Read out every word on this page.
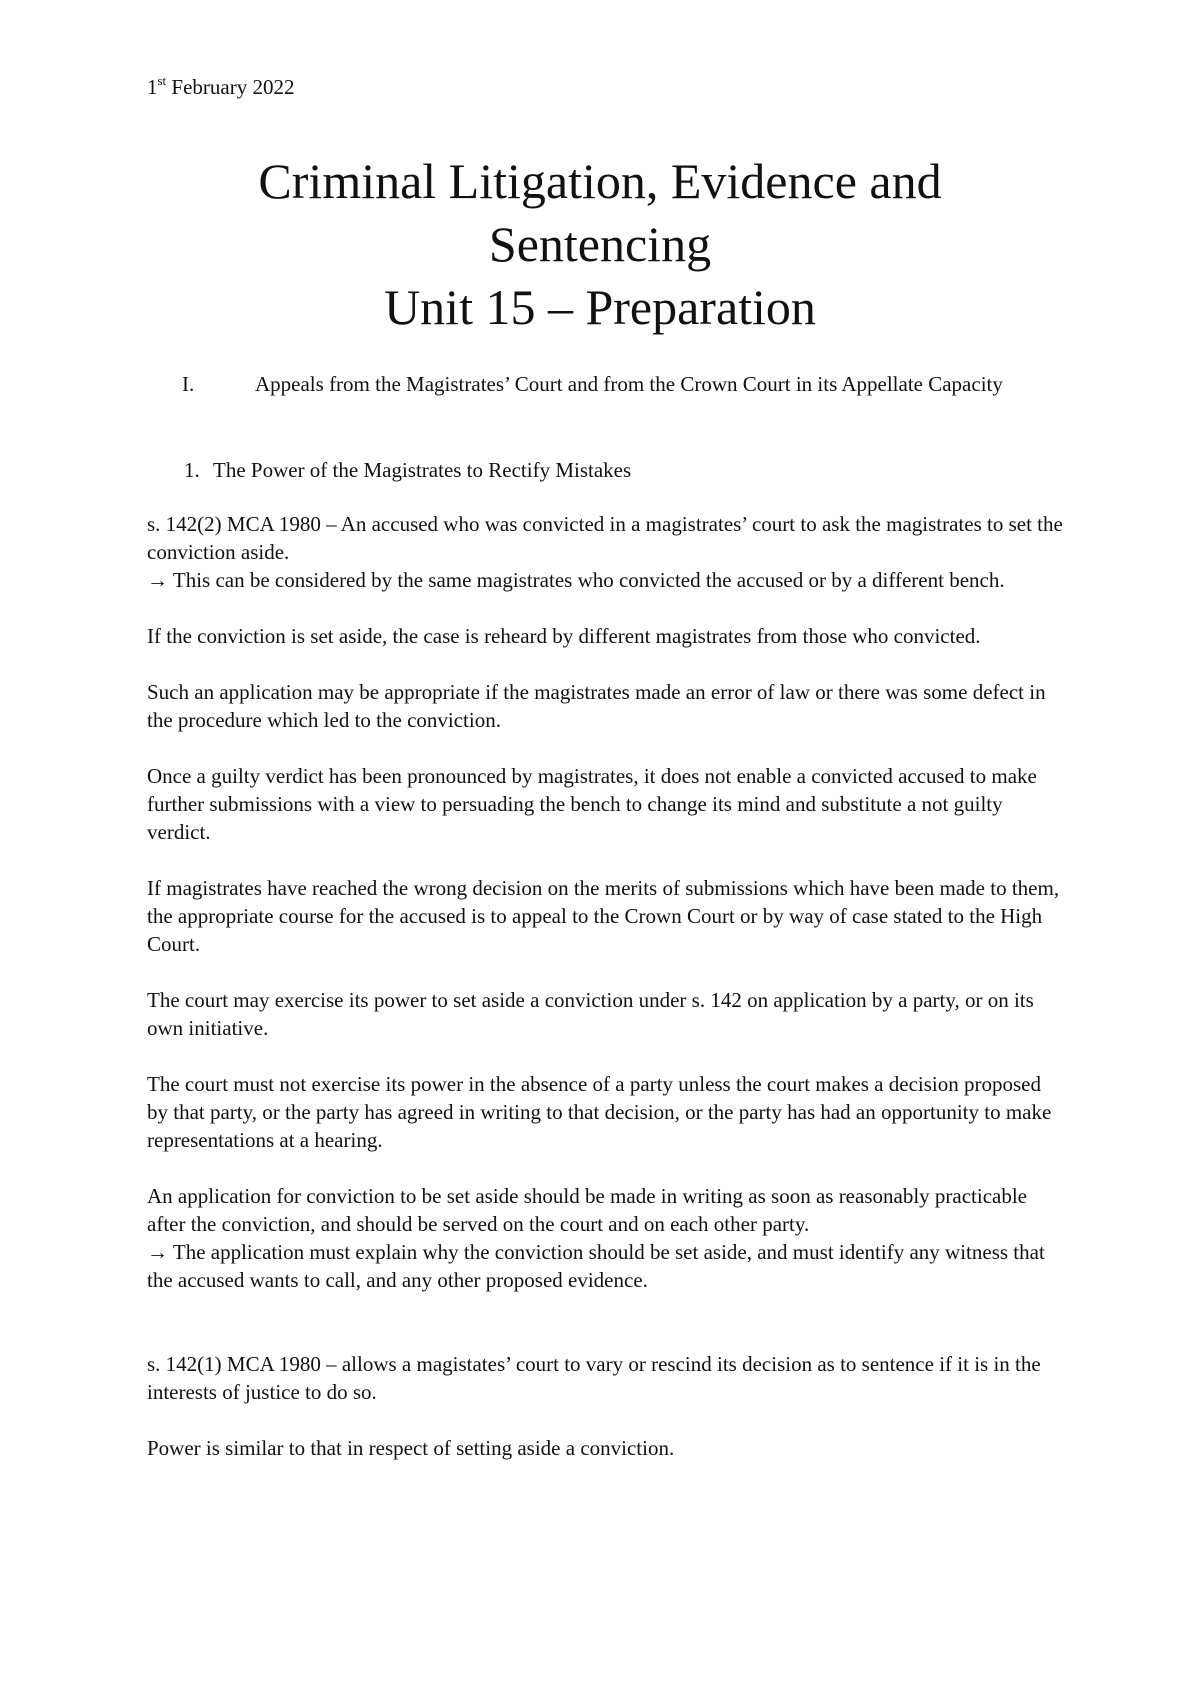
1st February 2022
Criminal Litigation, Evidence and
Sentencing
Unit 15 – Preparation
I.	Appeals from the Magistrates’ Court and from the Crown Court in its Appellate Capacity
1. The Power of the Magistrates to Rectify Mistakes

s. 142(2) MCA 1980 – An accused who was convicted in a magistrates’ court to ask the magistrates to set the conviction aside.
→ This can be considered by the same magistrates who convicted the accused or by a different bench.

If the conviction is set aside, the case is reheard by different magistrates from those who convicted.

Such an application may be appropriate if the magistrates made an error of law or there was some defect in the procedure which led to the conviction.

Once a guilty verdict has been pronounced by magistrates, it does not enable a convicted accused to make further submissions with a view to persuading the bench to change its mind and substitute a not guilty verdict.

If magistrates have reached the wrong decision on the merits of submissions which have been made to them, the appropriate course for the accused is to appeal to the Crown Court or by way of case stated to the High Court.

The court may exercise its power to set aside a conviction under s. 142 on application by a party, or on its own initiative.

The court must not exercise its power in the absence of a party unless the court makes a decision proposed by that party, or the party has agreed in writing to that decision, or the party has had an opportunity to make representations at a hearing.

An application for conviction to be set aside should be made in writing as soon as reasonably practicable after the conviction, and should be served on the court and on each other party.
→ The application must explain why the conviction should be set aside, and must identify any witness that the accused wants to call, and any other proposed evidence.

s. 142(1) MCA 1980 – allows a magistates’ court to vary or rescind its decision as to sentence if it is in the interests of justice to do so.

Power is similar to that in respect of setting aside a conviction.
